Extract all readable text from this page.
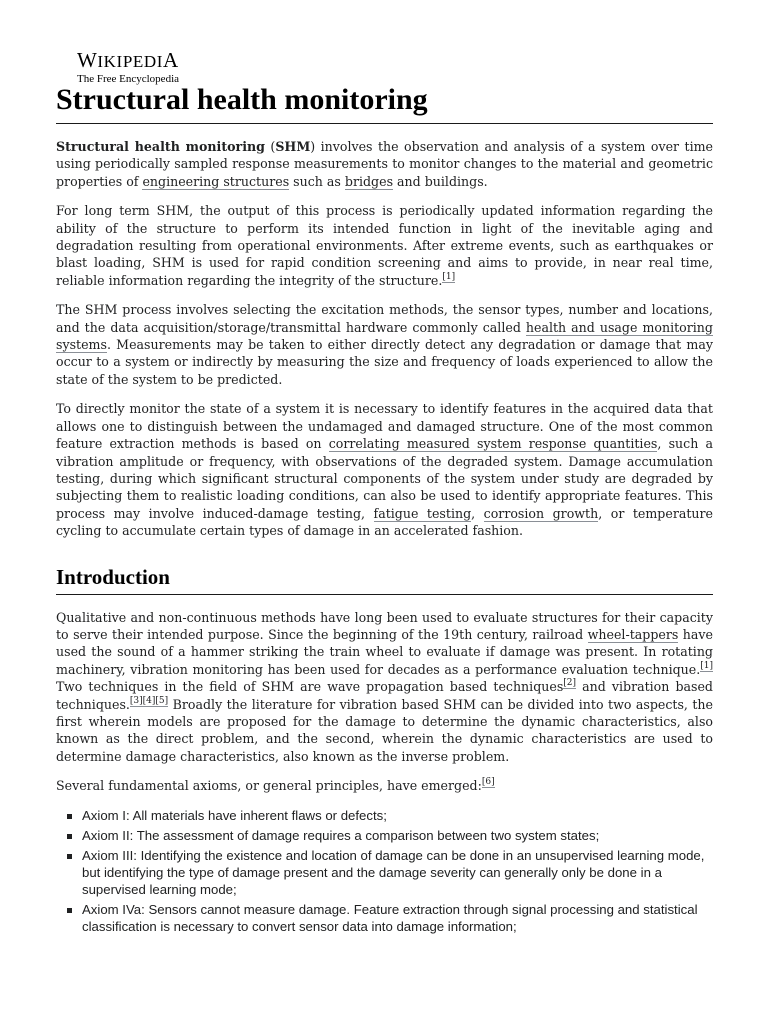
WIKIPEDIA
The Free Encyclopedia
Structural health monitoring

Structural health monitoring (SHM) involves the observation and analysis of a system over time using periodically sampled response measurements to monitor changes to the material and geometric properties of engineering structures such as bridges and buildings.

For long term SHM, the output of this process is periodically updated information regarding the ability of the structure to perform its intended function in light of the inevitable aging and degradation resulting from operational environments. After extreme events, such as earthquakes or blast loading, SHM is used for rapid condition screening and aims to provide, in near real time, reliable information regarding the integrity of the structure.[1]

The SHM process involves selecting the excitation methods, the sensor types, number and locations, and the data acquisition/storage/transmittal hardware commonly called health and usage monitoring systems. Measurements may be taken to either directly detect any degradation or damage that may occur to a system or indirectly by measuring the size and frequency of loads experienced to allow the state of the system to be predicted.

To directly monitor the state of a system it is necessary to identify features in the acquired data that allows one to distinguish between the undamaged and damaged structure. One of the most common feature extraction methods is based on correlating measured system response quantities, such a vibration amplitude or frequency, with observations of the degraded system. Damage accumulation testing, during which significant structural components of the system under study are degraded by subjecting them to realistic loading conditions, can also be used to identify appropriate features. This process may involve induced-damage testing, fatigue testing, corrosion growth, or temperature cycling to accumulate certain types of damage in an accelerated fashion.

Introduction

Qualitative and non-continuous methods have long been used to evaluate structures for their capacity to serve their intended purpose. Since the beginning of the 19th century, railroad wheel-tappers have used the sound of a hammer striking the train wheel to evaluate if damage was present. In rotating machinery, vibration monitoring has been used for decades as a performance evaluation technique.[1] Two techniques in the field of SHM are wave propagation based techniques[2] and vibration based techniques.[3][4][5] Broadly the literature for vibration based SHM can be divided into two aspects, the first wherein models are proposed for the damage to determine the dynamic characteristics, also known as the direct problem, and the second, wherein the dynamic characteristics are used to determine damage characteristics, also known as the inverse problem.

Several fundamental axioms, or general principles, have emerged:[6]

Axiom I: All materials have inherent flaws or defects;
Axiom II: The assessment of damage requires a comparison between two system states;
Axiom III: Identifying the existence and location of damage can be done in an unsupervised learning mode, but identifying the type of damage present and the damage severity can generally only be done in a supervised learning mode;
Axiom IVa: Sensors cannot measure damage. Feature extraction through signal processing and statistical classification is necessary to convert sensor data into damage information;
